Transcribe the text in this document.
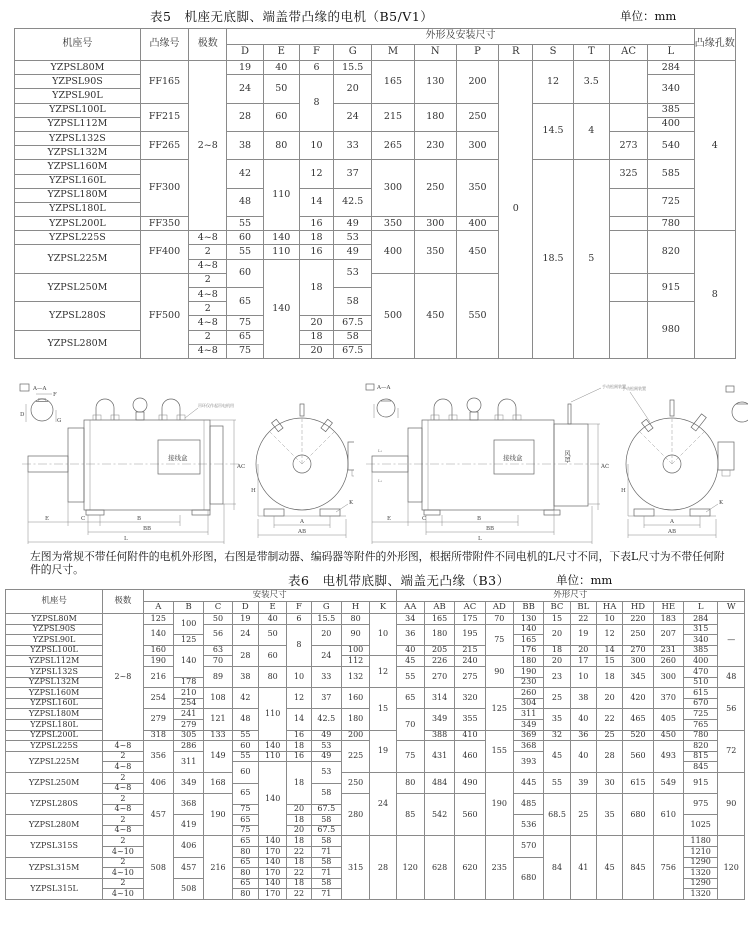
表5　机座无底脚、端盖带凸缘的电机（B5/V1）	单位：mm
机座号	凸缘号	极数	外形及安装尺寸												凸缘孔数
			D	E	F	G	M	N	P	R	S	T	AC	L	
YZPSL80M	FF165	2~8	19	40	6	15.5	165	130	200	0	12	3.5		284	4
YZPSL90S			24	50	8	20								340	
YZPSL90L															
YZPSL100L	FF215		28	60		24	215	180	250		14.5	4		385	
YZPSL112M														400	
YZPSL132S	FF265		38	80	10	33	265	230	300				273	540	
YZPSL132M															
YZPSL160M	FF300		42	110	12	37	300	250	350		18.5	5	325	585	
YZPSL160L															
YZPSL180M			48		14	42.5								725	
YZPSL180L															
YZPSL200L	FF350		55		16	49	350	300	400					780	
YZPSL225S	FF400	4~8	60	140	18	53	400	350	450					820	8
YZPSL225M		2	55	110	16	49									
		4~8	60	140	18	53									
YZPSL250M	FF500	2					500	450	550					915	
		4~8	65			58									
YZPSL280S		2												980	
		4~8	75		20	67.5									
YZPSL280M		2	65		18	58									
		4~8	75		20	67.5									
A—A
F
D
G
接线盒
吊环仅作起吊电机用
AC
E	C	B
BB
L
H
A
AB
K
A—A
L₁
L₁
接线盒	风罩
手动松闸装置
AC
E	C	B
BB
L
手动松闸装置
H
A
AB
K
左图为常规不带任何附件的电机外形图，右图是带制动器、编码器等附件的外形图，根据所带附件不同电机的L尺寸不同，下表L尺寸为不带任何附件的尺寸。
表6　电机带底脚、端盖无凸缘（B3）	单位：mm
机座号	极数	安装尺寸									外形尺寸											
		A	B	C	D	E	F	G	H	K	AA	AB	AC	AD	BB	BC	BL	HA	HD	HE	L	W
YZPSL80M	2~8	125	100	50	19	40	6	15.5	80	10	34	165	175	70	130	15	22	10	220	183	284	—
YZPSL90S		140		56	24	50	8	20	90		36	180	195	75	140	20	19	12	250	207	315	
YZPSL90L			125												165						340	
YZPSL100L		160	140	63	28	60		24	100		40	205	215		176	18	20	14	270	231	385	
YZPSL112M		190		70					112	12	45	226	240	90	180	20	17	15	300	260	400	
YZPSL132S		216		89	38	80	10	33	132		55	270	275		190	23	10	18	345	300	470	48
YZPSL132M			178												230						510	
YZPSL160M		254	210	108	42	110	12	37	160	15	65	314	320	125	260	25	38	20	420	370	615	56
YZPSL160L			254												304						670	
YZPSL180M		279	241	121	48		14	42.5	180		70	349	355		311	35	40	22	465	405	725	
YZPSL180L			279												349						765	
YZPSL200L		318	305	133	55		16	49	200	19		388	410	155	369	32	36	25	520	450	780	72
YZPSL225S	4~8	356	286	149	60	140	18	53	225		75	431	460		368	45	40	28	560	493	820	
YZPSL225M	2		311		55	110	16	49							393						815	
	4~8				60	140	18	53													845	
YZPSL250M	2	406	349	168					250	24	80	484	490	190	445	55	39	30	615	549	915	90
	4~8				65			58														
YZPSL280S	2	457	368	190					280		85	542	560		485	68.5	25	35	680	610	975	
	4~8				75		20	67.5														
YZPSL280M	2		419		65		18	58							536						1025	
	4~8				75		20	67.5														
YZPSL315S	2	508	406	216	65	140	18	58	315	28	120	628	620	235	570	84	41	45	845	756	1180	120
	4~10				80	170	22	71													1210	
YZPSL315M	2		457		65	140	18	58							680						1290	
	4~10				80	170	22	71													1320	
YZPSL315L	2		508		65	140	18	58													1290	
	4~10				80	170	22	71													1320	
